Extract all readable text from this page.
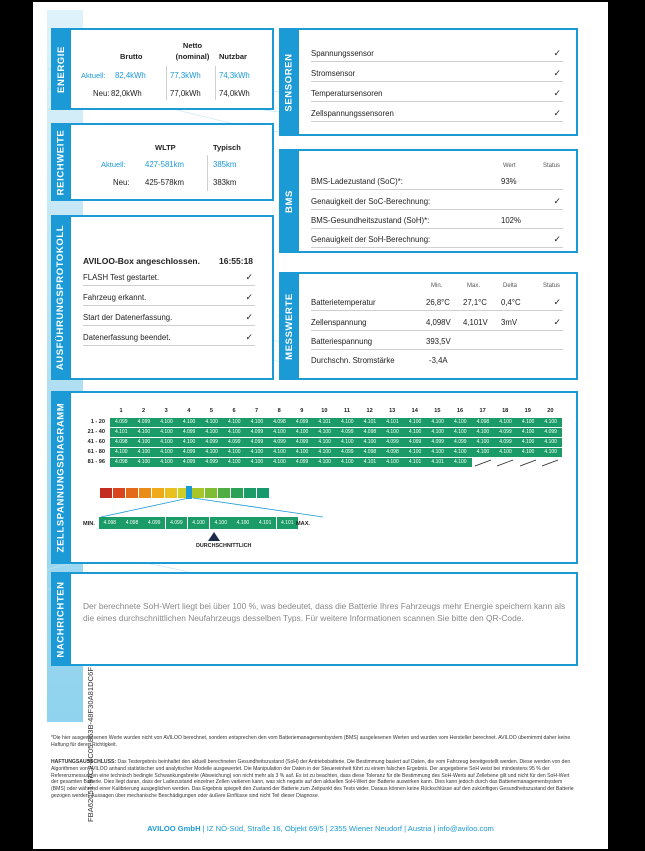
ENERGIE	Brutto
Netto
(nominal)	Nutzbar
Aktuell: 82,4kWh	77,3kWh 74,3kWh
Neu: 82,0kWh	77,0kWh 74,0kWh
REICHWEITE	WLTP	Typisch
Aktuell: 427-581km	385km
Neu: 425-578km	383km
AUSFÜHRUNGSPROTOKOLL AVILOO-Box angeschlossen. 16:55:18
FLASH Test gestartet.	✓
Fahrzeug erkannt.	✓
Start der Datenerfassung.	✓
Datenerfassung beendet.	✓
SENSOREN Spannungssensor	✓
Stromsensor	✓
Temperatursensoren	✓
Zellspannungssensoren	✓
BMS
Wert	Status
BMS-Ladezustand (SoC)*:	93%
Genauigkeit der SoC-Berechnung:	✓
BMS-Gesundheitszustand (SoH)*:	102%
Genauigkeit der SoH-Berechnung:	✓
MESSWERTE
Min.	Max.	Delta	Status
Batterietemperatur	26,8°C 27,1°C 0,4°C	✓
Zellenspannung	4,098V 4,101V 3mV	✓
Batteriespannung	393,5V
Durchschn. Stromstärke	-3,4A
ZELLSPANNUNGSDIAGRAMM	1	2	3	4	5	6	7	8	9	10	11	12	13	14	15	16	17	18	19	20
1 - 20	4.099	4.099	4.100	4.100	4.100	4.100	4.100	4.098	4.099	4.101	4.100	4.101	4.101	4.100	4.100	4.100	4.098	4.100	4.100	4.100
21 - 40	4.101	4.100	4.100	4.099	4.100	4.100	4.099	4.100	4.100	4.100	4.099	4.098	4.100	4.100	4.100	4.100	4.100	4.099	4.100	4.099
41 - 60	4.098	4.100	4.100	4.100	4.099	4.099	4.099	4.099	4.099	4.100	4.100	4.100	4.099	4.099	4.099	4.099	4.100	4.099	4.100	4.100
61 - 80	4.100	4.100	4.100	4.099	4.100	4.100	4.100	4.100	4.100	4.100	4.099	4.098	4.098	4.100	4.100	4.100	4.100	4.100	4.100	4.100
81 - 96	4.098	4.100	4.100	4.099	4.099	4.100	4.100	4.100	4.099	4.100	4.100	4.101	4.100	4.101	4.101	4.100
MIN.	4.098	4.098	4.099	4.099	4.100	4.100	4.100	4.101	4.101 MAX.
DURCHSCHNITTLICH
NACHRICHTEN Der berechnete SoH-Wert liegt bei über 100 %, was bedeutet, dass die Batterie Ihres Fahrzeugs mehr Energie speichern kann als die eines durchschnittlichen Neufahrzeugs desselben Typs. Für weitere Informationen scannen Sie bitte den QR-Code.
FBA62051-97C2-4C05-863B-48F30A81DC6F
*Die hier ausgewiesenen Werte wurden nicht von AVILOO berechnet, sondern entsprechen den vom Batteriemanagementsystem (BMS) ausgelesenen Werten und wurden vom Hersteller berechnet. AVILOO übernimmt daher keine Haftung für deren Richtigkeit.
HAFTUNGSAUSSCHLUSS: Das Testergebnis beinhaltet den aktuell berechneten Gesundheitszustand (SoH) der Antriebsbatterie. Die Bestimmung basiert auf Daten, die vom Fahrzeug bereitgestellt werden. Diese werden von den Algorithmen von AVILOO anhand statistischer und analytischer Modelle ausgewertet. Die Manipulation der Daten in der Steuereinheit führt zu einem falschen Ergebnis. Der angegebene SoH weist bei mindestens 95 % der Referenzmessungen eine technisch bedingte Schwankungsbreite (Abweichung) von nicht mehr als 3 % auf. Es ist zu beachten, dass diese Toleranz für die Bestimmung des SoH-Werts auf Zellebene gilt und nicht für den SoH-Wert der gesamten Batterie. Dies liegt daran, dass der Ladezustand einzelner Zellen variieren kann, was sich negativ auf den aktuellen SoH-Wert der Batterie auswirken kann. Dies kann jedoch durch das Batteriemanagementsystem (BMS) oder während einer Kalibrierung ausgeglichen werden. Das Ergebnis spiegelt den Zustand der Batterie zum Zeitpunkt des Tests wider. Daraus können keine Rückschlüsse auf den zukünftigen Gesundheitszustand der Batterie gezogen werden. Aussagen über mechanische Beschädigungen oder äußere Einflüsse sind nicht Teil dieser Diagnose.
AVILOO GmbH | IZ NÖ-Süd, Straße 16, Objekt 69/5 | 2355 Wiener Neudorf | Austria | info@aviloo.com
